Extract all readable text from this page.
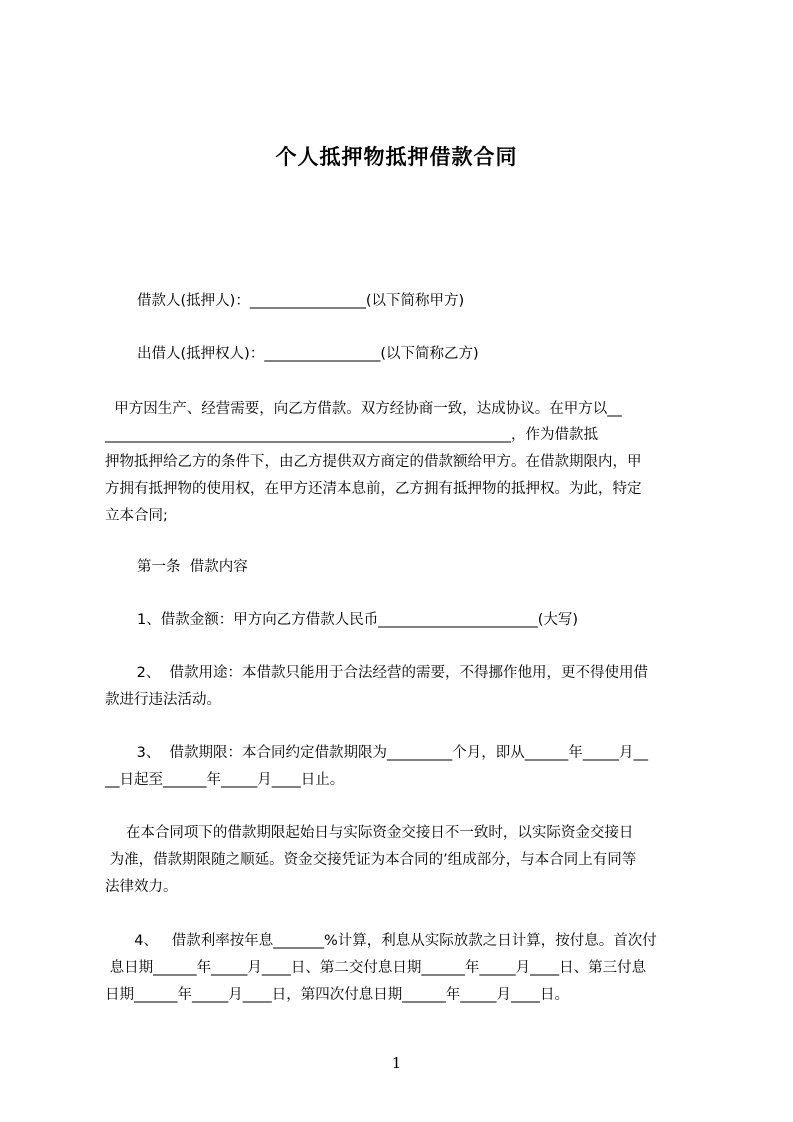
个人抵押物抵押借款合同
借款人(抵押人)：________________(以下简称甲方)
出借人(抵押权人)：________________(以下简称乙方)
甲方因生产、经营需要，向乙方借款。双方经协商一致，达成协议。在甲方以__
________________________________________________________，作为借款抵
押物抵押给乙方的条件下，由乙方提供双方商定的借款额给甲方。在借款期限内，甲
方拥有抵押物的使用权，在甲方还清本息前，乙方拥有抵押物的抵押权。为此，特定
立本合同;
第一条  借款内容
1、借款金额：甲方向乙方借款人民币______________________(大写)
2、  借款用途：本借款只能用于合法经营的需要，不得挪作他用，更不得使用借
款进行违法活动。
3、  借款期限：本合同约定借款期限为_________个月，即从______年_____月__
__日起至______年_____月____日止。
在本合同项下的借款期限起始日与实际资金交接日不一致时，以实际资金交接日
为准，借款期限随之顺延。资金交接凭证为本合同的’组成部分，与本合同上有同等
法律效力。
4、   借款利率按年息_______%计算，利息从实际放款之日计算，按付息。首次付
息日期______年_____月____日、第二交付息日期______年_____月____日、第三付息
日期______年_____月____日，第四次付息日期______年_____月____日。
1
